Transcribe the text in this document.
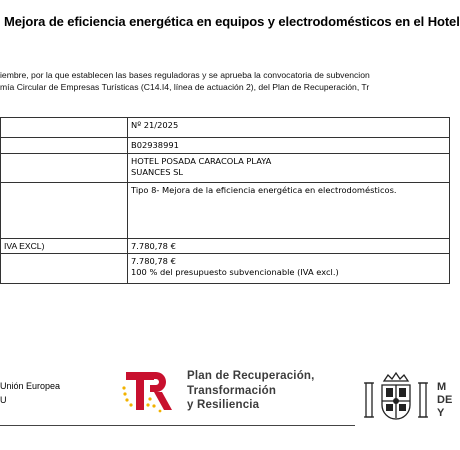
Mejora de eficiencia energética en equipos y electrodomésticos en el Hotel
iembre, por la que establecen las bases reguladoras y se aprueba la convocatoria de subvencion
mía Circular de Empresas Turísticas (C14.I4, línea de actuación 2), del Plan de Recuperación, Tr
	Nº 21/2025
	B02938991

	HOTEL POSADA CARACOLA PLAYA
SUANCES SL

	Tipo 8- Mejora de la eficiencia energética en electrodomésticos.
IVA EXCL)	7.780,78 €

	7.780,78 €
100 % del presupuesto subvencionable (IVA excl.)
Unión Europea
U
Plan de Recuperación,
Transformación
y Resiliencia
M
DE
Y
